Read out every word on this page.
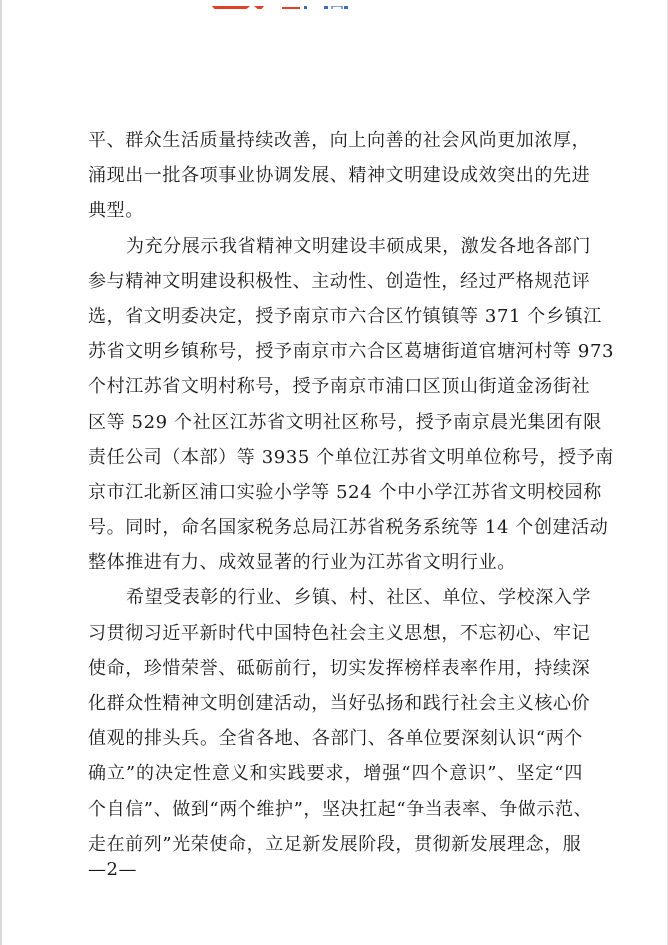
平、群众生活质量持续改善，向上向善的社会风尚更加浓厚，
涌现出一批各项事业协调发展、精神文明建设成效突出的先进
典型。
为充分展示我省精神文明建设丰硕成果，激发各地各部门
参与精神文明建设积极性、主动性、创造性，经过严格规范评
选，省文明委决定，授予南京市六合区竹镇镇等 371 个乡镇江
苏省文明乡镇称号，授予南京市六合区葛塘街道官塘河村等 973
个村江苏省文明村称号，授予南京市浦口区顶山街道金汤街社
区等 529 个社区江苏省文明社区称号，授予南京晨光集团有限
责任公司（本部）等 3935 个单位江苏省文明单位称号，授予南
京市江北新区浦口实验小学等 524 个中小学江苏省文明校园称
号。同时，命名国家税务总局江苏省税务系统等 14 个创建活动
整体推进有力、成效显著的行业为江苏省文明行业。
希望受表彰的行业、乡镇、村、社区、单位、学校深入学
习贯彻习近平新时代中国特色社会主义思想，不忘初心、牢记
使命，珍惜荣誉、砥砺前行，切实发挥榜样表率作用，持续深
化群众性精神文明创建活动，当好弘扬和践行社会主义核心价
值观的排头兵。全省各地、各部门、各单位要深刻认识“两个
确立”的决定性意义和实践要求，增强“四个意识”、坚定“四
个自信”、做到“两个维护”，坚决扛起“争当表率、争做示范、
走在前列”光荣使命，立足新发展阶段，贯彻新发展理念，服
—2—
